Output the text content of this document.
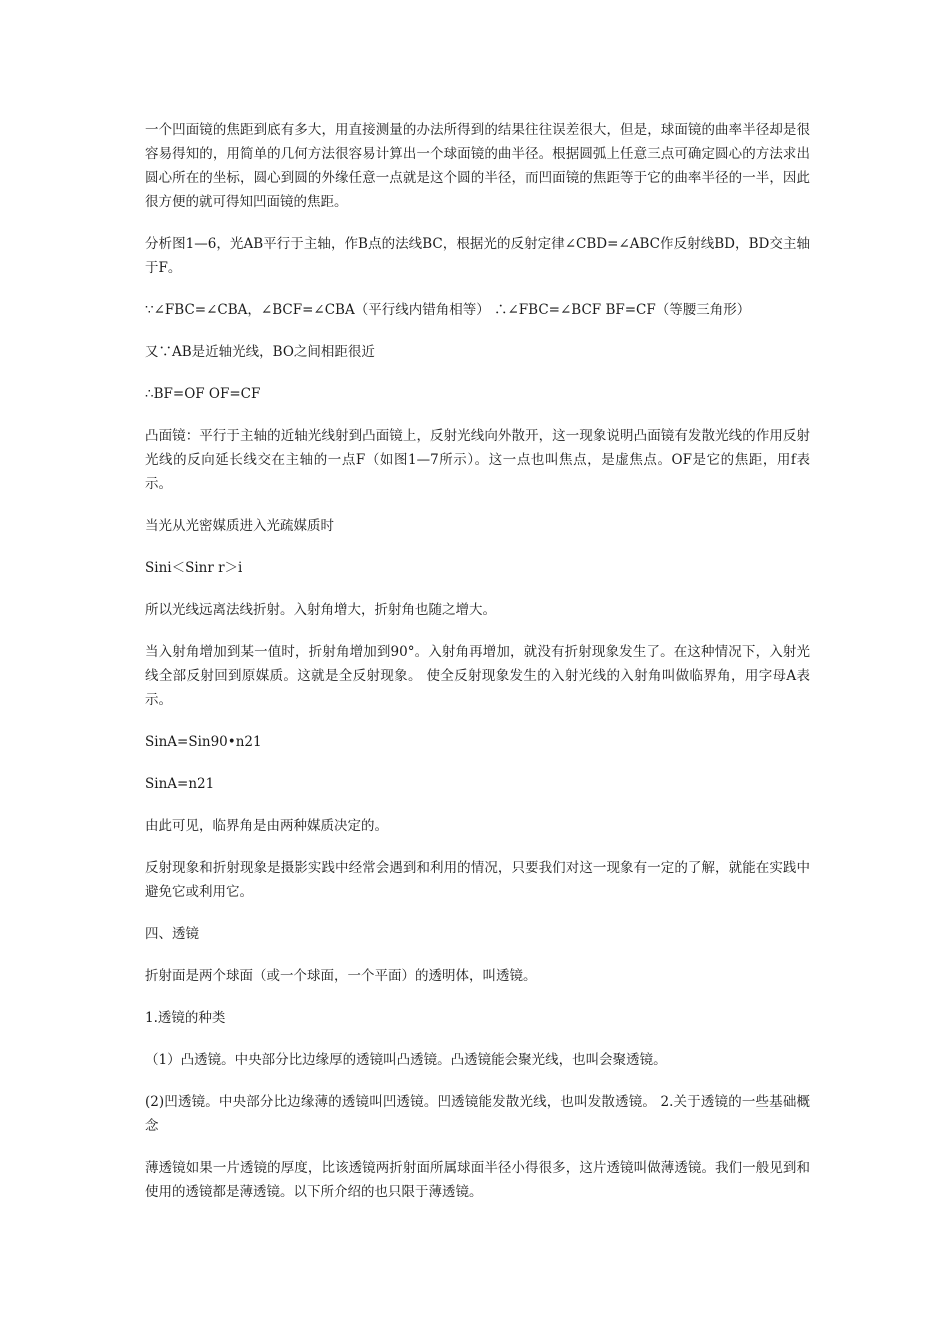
一个凹面镜的焦距到底有多大，用直接测量的办法所得到的结果往往误差很大，但是，球面镜的曲率半径却是很容易得知的，用简单的几何方法很容易计算出一个球面镜的曲半径。根据圆弧上任意三点可确定圆心的方法求出圆心所在的坐标，圆心到圆的外缘任意一点就是这个圆的半径，而凹面镜的焦距等于它的曲率半径的一半，因此很方便的就可得知凹面镜的焦距。

分析图1—6，光AB平行于主轴，作B点的法线BC，根据光的反射定律∠CBD=∠ABC作反射线BD，BD交主轴于F。

∵∠FBC=∠CBA，∠BCF=∠CBA（平行线内错角相等） ∴∠FBC=∠BCF BF=CF（等腰三角形）

又∵AB是近轴光线，BO之间相距很近

∴BF=OF OF=CF

凸面镜：平行于主轴的近轴光线射到凸面镜上，反射光线向外散开，这一现象说明凸面镜有发散光线的作用反射光线的反向延长线交在主轴的一点F（如图1—7所示）。这一点也叫焦点，是虚焦点。OF是它的焦距，用f表示。

当光从光密媒质进入光疏媒质时

Sini＜Sinr r＞i

所以光线远离法线折射。入射角增大，折射角也随之增大。

当入射角增加到某一值时，折射角增加到90°。入射角再增加，就没有折射现象发生了。在这种情况下，入射光线全部反射回到原媒质。这就是全反射现象。 使全反射现象发生的入射光线的入射角叫做临界角，用字母A表示。

SinA=Sin90•n21

SinA=n21

由此可见，临界角是由两种媒质决定的。

反射现象和折射现象是摄影实践中经常会遇到和利用的情况，只要我们对这一现象有一定的了解，就能在实践中避免它或利用它。

四、透镜

折射面是两个球面（或一个球面，一个平面）的透明体，叫透镜。

1.透镜的种类

（1）凸透镜。中央部分比边缘厚的透镜叫凸透镜。凸透镜能会聚光线，也叫会聚透镜。

(2)凹透镜。中央部分比边缘薄的透镜叫凹透镜。凹透镜能发散光线，也叫发散透镜。 2.关于透镜的一些基础概念

薄透镜如果一片透镜的厚度，比该透镜两折射面所属球面半径小得很多，这片透镜叫做薄透镜。我们一般见到和使用的透镜都是薄透镜。以下所介绍的也只限于薄透镜。
